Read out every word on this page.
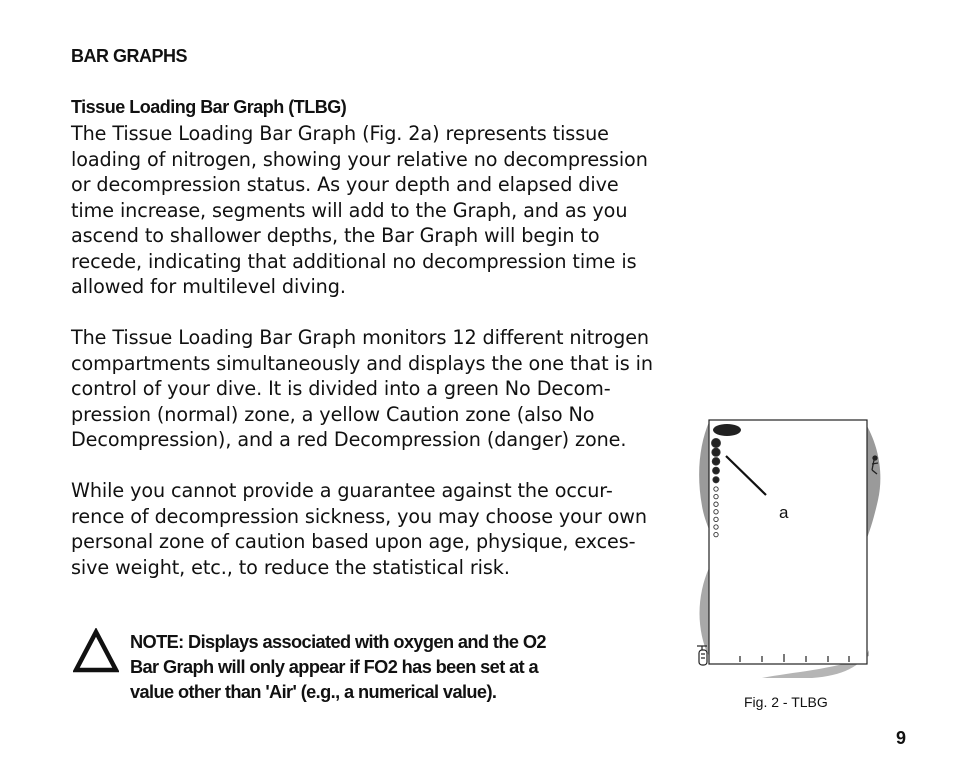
BAR GRAPHS
Tissue Loading Bar Graph (TLBG)
The Tissue Loading Bar Graph (Fig. 2a) represents tissue
loading of nitrogen, showing your relative no decompression
or decompression status. As your depth and elapsed dive
time increase, segments will add to the Graph, and as you
ascend to shallower depths, the Bar Graph will begin to
recede, indicating that additional no decompression time is
allowed for multilevel diving.
The Tissue Loading Bar Graph monitors 12 different nitrogen
compartments simultaneously and displays the one that is in
control of your dive. It is divided into a green No Decom-
pression (normal) zone, a yellow Caution zone (also No
Decompression), and a red Decompression (danger) zone.
While you cannot provide a guarantee against the occur-
rence of decompression sickness, you may choose your own
personal zone of caution based upon age, physique, exces-
sive weight, etc., to reduce the statistical risk.
NOTE: Displays associated with oxygen and the O2
Bar Graph will only appear if FO2 has been set at a
value other than 'Air' (e.g., a numerical value).
a
Fig. 2 - TLBG
9
